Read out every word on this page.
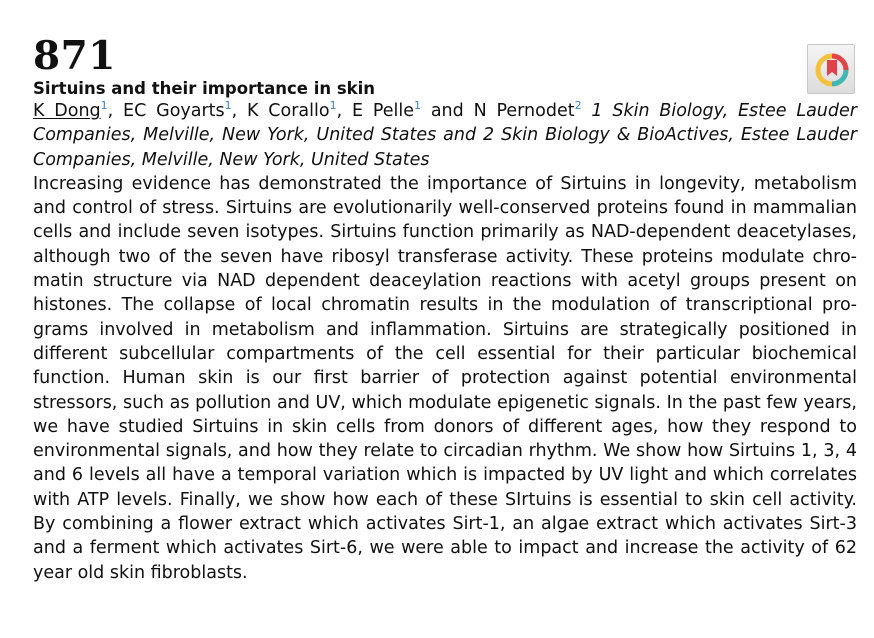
871
Sirtuins and their importance in skin

K Dong$^1$, EC Goyarts$^1$, K Corallo$^1$, E Pelle$^1$ and N Pernodet$^2$ 1 Skin Biology, Estee Lauder Companies, Melville, New York, United States and 2 Skin Biology & BioActives, Estee Lauder Companies, Melville, New York, United States

Increasing evidence has demonstrated the importance of Sirtuins in longevity, metabolism and control of stress. Sirtuins are evolutionarily well-conserved proteins found in mammalian cells and include seven isotypes. Sirtuins function primarily as NAD-dependent deacetylases, although two of the seven have ribosyl transferase activity. These proteins modulate chromatin structure via NAD dependent deaceylation reactions with acetyl groups present on histones. The collapse of local chromatin results in the modulation of transcriptional programs involved in metabolism and inflammation. Sirtuins are strategically positioned in different subcellular compartments of the cell essential for their particular biochemical function. Human skin is our first barrier of protection against potential environmental stressors, such as pollution and UV, which modulate epigenetic signals. In the past few years, we have studied Sirtuins in skin cells from donors of different ages, how they respond to environmental signals, and how they relate to circadian rhythm. We show how Sirtuins 1, 3, 4 and 6 levels all have a temporal variation which is impacted by UV light and which correlates with ATP levels. Finally, we show how each of these SIrtuins is essential to skin cell activity. By combining a flower extract which activates Sirt-1, an algae extract which activates Sirt-3 and a ferment which activates Sirt-6, we were able to impact and increase the activity of 62 year old skin fibroblasts.
